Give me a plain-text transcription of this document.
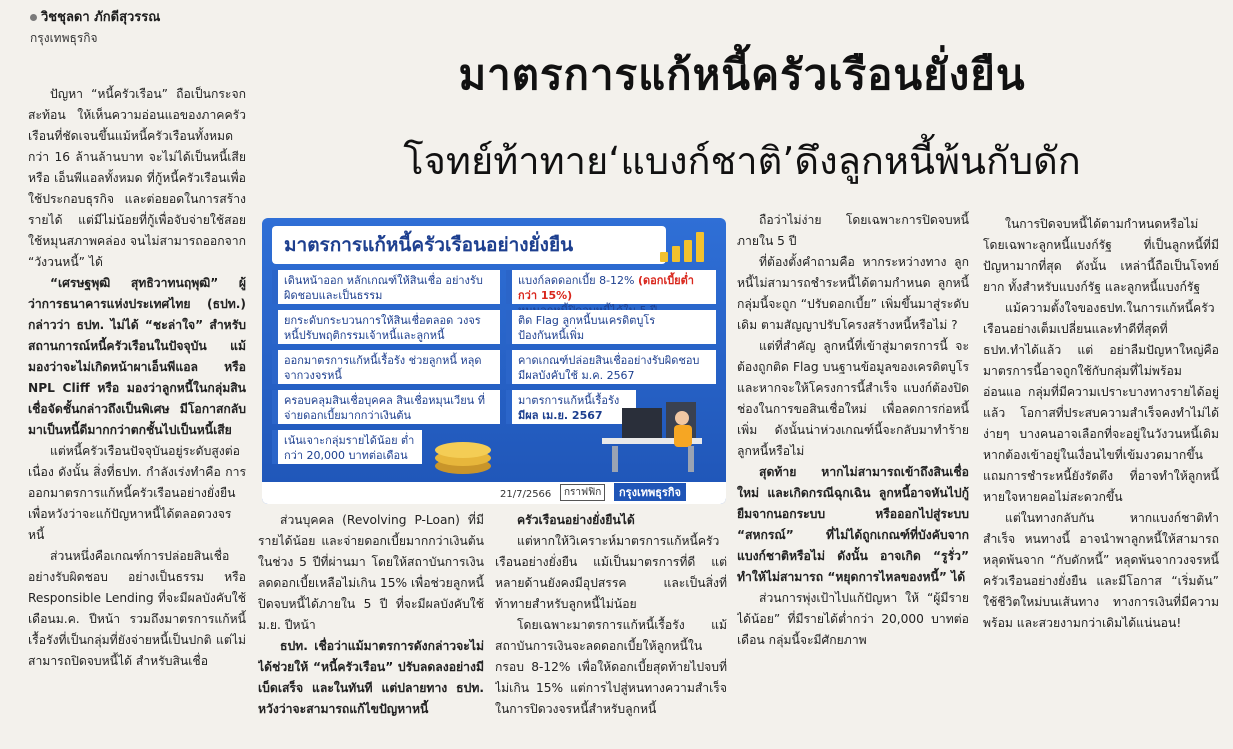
วิชชุลดา ภักดีสุวรรณ
กรุงเทพธุรกิจ
มาตรการแก้หนี้ครัวเรือนยั่งยืน
โจทย์ท้าทาย‘แบงก์ชาติ’ดึงลูกหนี้พ้นกับดัก

ปัญหา “หนี้ครัวเรือน” ถือเป็นกระจกสะท้อน ให้เห็นความอ่อนแอของภาคครัวเรือนที่ชัดเจนขึ้นแม้หนี้ครัวเรือนทั้งหมดกว่า 16 ล้านล้านบาท จะไม่ได้เป็นหนี้เสีย หรือ เอ็นพีแอลทั้งหมด ที่กู้หนี้ครัวเรือนเพื่อใช้ประกอบธุรกิจ และต่อยอดในการสร้างรายได้ แต่มีไม่น้อยที่กู้เพื่อจับจ่ายใช้สอย ใช้หมุนสภาพคล่อง จนไม่สามารถออกจาก “วังวนหนี้” ได้

“เศรษฐพุฒิ สุทธิวาทนฤพุฒิ” ผู้ว่าการธนาคารแห่งประเทศไทย (ธปท.) กล่าวว่า ธปท. ไม่ได้ “ชะล่าใจ” สำหรับสถานการณ์หนี้ครัวเรือนในปัจจุบัน แม้มองว่าจะไม่เกิดหน้าผาเอ็นพีแอล หรือ NPL Cliff หรือ มองว่าลูกหนี้ในกลุ่มสินเชื่อจัดชั้นกล่าวถึงเป็นพิเศษ มีโอกาสกลับมาเป็นหนี้ดีมากกว่าตกชั้นไปเป็นหนี้เสีย

แต่หนี้ครัวเรือนปัจจุบันอยู่ระดับสูงต่อเนื่อง ดังนั้น สิ่งที่ธปท. กำลังเร่งทำคือ การออกมาตรการแก้หนี้ครัวเรือนอย่างยั่งยืน เพื่อหวังว่าจะแก้ปัญหาหนี้ได้ตลอดวงจรหนี้

ส่วนหนึ่งคือเกณฑ์การปล่อยสินเชื่ออย่างรับผิดชอบ อย่างเป็นธรรม หรือ Responsible Lending ที่จะมีผลบังคับใช้เดือนม.ค. ปีหน้า รวมถึงมาตรการแก้หนี้เรื้อรังที่เป็นกลุ่มที่ยังจ่ายหนี้เป็นปกติ แต่ไม่สามารถปิดจบหนี้ได้ สำหรับสินเชื่อ

มาตรการแก้หนี้ครัวเรือนอย่างยั่งยืน
เดินหน้าออก หลักเกณฑ์ให้สินเชื่อ อย่างรับผิดชอบและเป็นธรรม
ยกระดับกระบวนการให้สินเชื่อตลอด วงจรหนี้ปรับพฤติกรรมเจ้าหนี้และลูกหนี้
ออกมาตรการแก้หนี้เรื้อรัง ช่วยลูกหนี้ หลุดจากวงจรหนี้
ครอบคลุมสินเชื่อบุคคล สินเชื่อหมุนเวียน ที่จ่ายดอกเบี้ยมากกว่าเงินต้น
เน้นเจาะกลุ่มรายได้น้อย ต่ำกว่า 20,000 บาทต่อเดือน
แบงก์ลดดอกเบี้ย 8-12% (ดอกเบี้ยต่ำกว่า 15%)

ติด Flag ลูกหนี้บนเครดิตบูโร
ป้องกันหนี้เพิ่ม
คาดเกณฑ์ปล่อยสินเชื่ออย่างรับผิดชอบ
มีผลบังคับใช้ ม.ค. 2567
มาตรการแก้หนี้เรื้อรัง
มีผล เม.ย. 2567
21/7/2566	กราฟฟิก	กรุงเทพธุรกิจ

ส่วนบุคคล (Revolving P-Loan) ที่มีรายได้น้อย และจ่ายดอกเบี้ยมากกว่าเงินต้นในช่วง 5 ปีที่ผ่านมา โดยให้สถาบันการเงินลดดอกเบี้ยเหลือไม่เกิน 15% เพื่อช่วยลูกหนี้ปิดจบหนี้ได้ภายใน 5 ปี ที่จะมีผลบังคับใช้ม.ย. ปีหน้า

ธปท. เชื่อว่าแม้มาตรการดังกล่าวจะไม่ได้ช่วยให้ “หนี้ครัวเรือน” ปรับลดลงอย่างมีเบ็ดเสร็จ และในทันที แต่ปลายทาง ธปท. หวังว่าจะสามารถแก้ไขปัญหาหนี้

ครัวเรือนอย่างยั่งยืนได้

แต่หากให้วิเคราะห์มาตรการแก้หนี้ครัวเรือนอย่างยั่งยืน แม้เป็นมาตรการที่ดี แต่หลายด้านยังคงมีอุปสรรค และเป็นสิ่งที่ท้าทายสำหรับลูกหนี้ไม่น้อย

โดยเฉพาะมาตรการแก้หนี้เรื้อรัง แม้สถาบันการเงินจะลดดอกเบี้ยให้ลูกหนี้ในกรอบ 8-12% เพื่อให้ดอกเบี้ยสุดท้ายไปจบที่ไม่เกิน 15% แต่การไปสู่หนทางความสำเร็จในการปิดวงจรหนี้สำหรับลูกหนี้

ถือว่าไม่ง่าย โดยเฉพาะการปิดจบหนี้ภายใน 5 ปี

ที่ต้องตั้งคำถามคือ หากระหว่างทาง ลูกหนี้ไม่สามารถชำระหนี้ได้ตามกำหนด ลูกหนี้กลุ่มนี้จะถูก “ปรับดอกเบี้ย” เพิ่มขึ้นมาสู่ระดับเดิม ตามสัญญาปรับโครงสร้างหนี้หรือไม่ ?

แต่ที่สำคัญ ลูกหนี้ที่เข้าสู่มาตรการนี้ จะต้องถูกติด Flag บนฐานข้อมูลของเครดิตบูโร และหากจะให้โครงการนี้สำเร็จ แบงก์ต้องปิดช่องในการขอสินเชื่อใหม่ เพื่อลดการก่อหนี้เพิ่ม ดังนั้นน่าห่วงเกณฑ์นี้จะกลับมาทำร้ายลูกหนี้หรือไม่

สุดท้าย หากไม่สามารถเข้าถึงสินเชื่อใหม่ และเกิดกรณีฉุกเฉิน ลูกหนี้อาจหันไปกู้ยืมจากนอกระบบ หรือออกไปสู่ระบบ “สหกรณ์” ที่ไม่ได้ถูกเกณฑ์ที่บังคับจากแบงก์ชาติหรือไม่ ดังนั้น อาจเกิด “รูรั่ว” ทำให้ไม่สามารถ “หยุดการไหลของหนี้” ได้

ส่วนการพุ่งเป้าไปแก้ปัญหา ให้ “ผู้มีรายได้น้อย” ที่มีรายได้ต่ำกว่า 20,000 บาทต่อเดือน กลุ่มนี้จะมีศักยภาพ

ในการปิดจบหนี้ได้ตามกำหนดหรือไม่ โดยเฉพาะลูกหนี้แบงก์รัฐ ที่เป็นลูกหนี้ที่มีปัญหามากที่สุด ดังนั้น เหล่านี้ถือเป็นโจทย์ยาก ทั้งสำหรับแบงก์รัฐ และลูกหนี้แบงก์รัฐ

แม้ความตั้งใจของธปท.ในการแก้หนี้ครัวเรือนอย่างเต็มเปลี่ยนและทำดีที่สุดที่ธปท.ทำได้แล้ว แต่ อย่าลืมปัญหาใหญ่คือมาตรการนี้อาจถูกใช้กับกลุ่มที่ไม่พร้อม อ่อนแอ กลุ่มที่มีความเปราะบางทางรายได้อยู่แล้ว โอกาสที่ประสบความสำเร็จคงทำไม่ได้ง่ายๆ บางคนอาจเลือกที่จะอยู่ในวังวนหนี้เดิม หากต้องเข้าอยู่ในเงื่อนไขที่เข้มงวดมากขึ้น แถมการชำระหนี้ยังรัดตึง ที่อาจทำให้ลูกหนี้หายใจหายคอไม่สะดวกขึ้น

แต่ในทางกลับกัน หากแบงก์ชาติทำสำเร็จ หนทางนี้ อาจนำพาลูกหนี้ให้สามารถหลุดพ้นจาก “กับดักหนี้” หลุดพ้นจากวงจรหนี้ครัวเรือนอย่างยั่งยืน และมีโอกาส “เริ่มต้น” ใช้ชีวิตใหม่บนเส้นทาง ทางการเงินที่มีความพร้อม และสวยงามกว่าเดิมได้แน่นอน!
